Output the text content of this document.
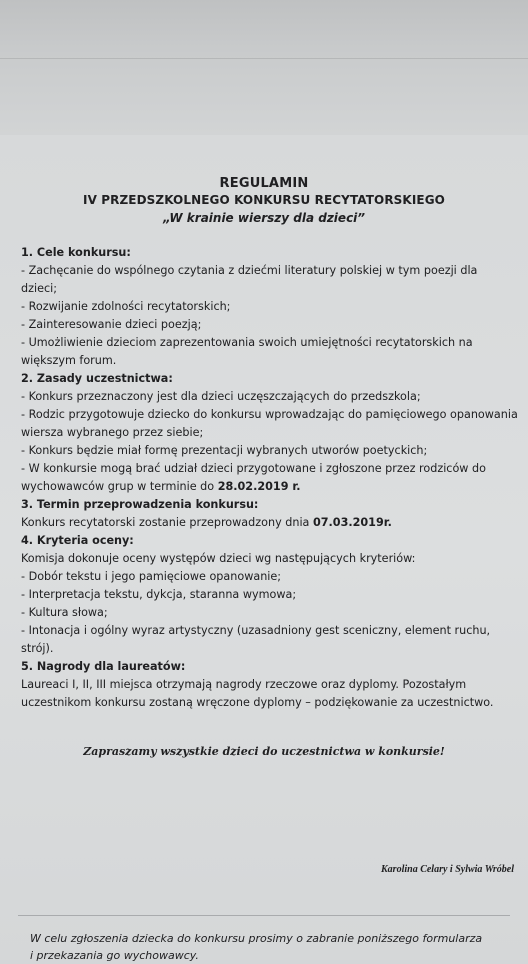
REGULAMIN
IV PRZEDSZKOLNEGO KONKURSU RECYTATORSKIEGO
„W krainie wierszy dla dzieci”
1. Cele konkursu:
- Zachęcanie do wspólnego czytania z dziećmi literatury polskiej w tym poezji dla
dzieci;
- Rozwijanie zdolności recytatorskich;
- Zainteresowanie dzieci poezją;
- Umożliwienie dzieciom zaprezentowania swoich umiejętności recytatorskich na
większym forum.
2. Zasady uczestnictwa:
- Konkurs przeznaczony jest dla dzieci uczęszczających do przedszkola;
- Rodzic przygotowuje dziecko do konkursu wprowadzając do pamięciowego opanowania
wiersza wybranego przez siebie;
- Konkurs będzie miał formę prezentacji wybranych utworów poetyckich;
- W konkursie mogą brać udział dzieci przygotowane i zgłoszone przez rodziców do
wychowawców grup w terminie do 28.02.2019 r.
3. Termin przeprowadzenia konkursu:
Konkurs recytatorski zostanie przeprowadzony dnia 07.03.2019r.
4. Kryteria oceny:
Komisja dokonuje oceny występów dzieci wg następujących kryteriów:
- Dobór tekstu i jego pamięciowe opanowanie;
- Interpretacja tekstu, dykcja, staranna wymowa;
- Kultura słowa;
- Intonacja i ogólny wyraz artystyczny (uzasadniony gest sceniczny, element ruchu,
strój).
5. Nagrody dla laureatów:
Laureaci I, II, III miejsca otrzymają nagrody rzeczowe oraz dyplomy. Pozostałym
uczestnikom konkursu zostaną wręczone dyplomy – podziękowanie za uczestnictwo.
Zapraszamy wszystkie dzieci do uczestnictwa w konkursie!
Karolina Celary i Sylwia Wróbel
W celu zgłoszenia dziecka do konkursu prosimy o zabranie poniższego formularza
i przekazania go wychowawcy.
